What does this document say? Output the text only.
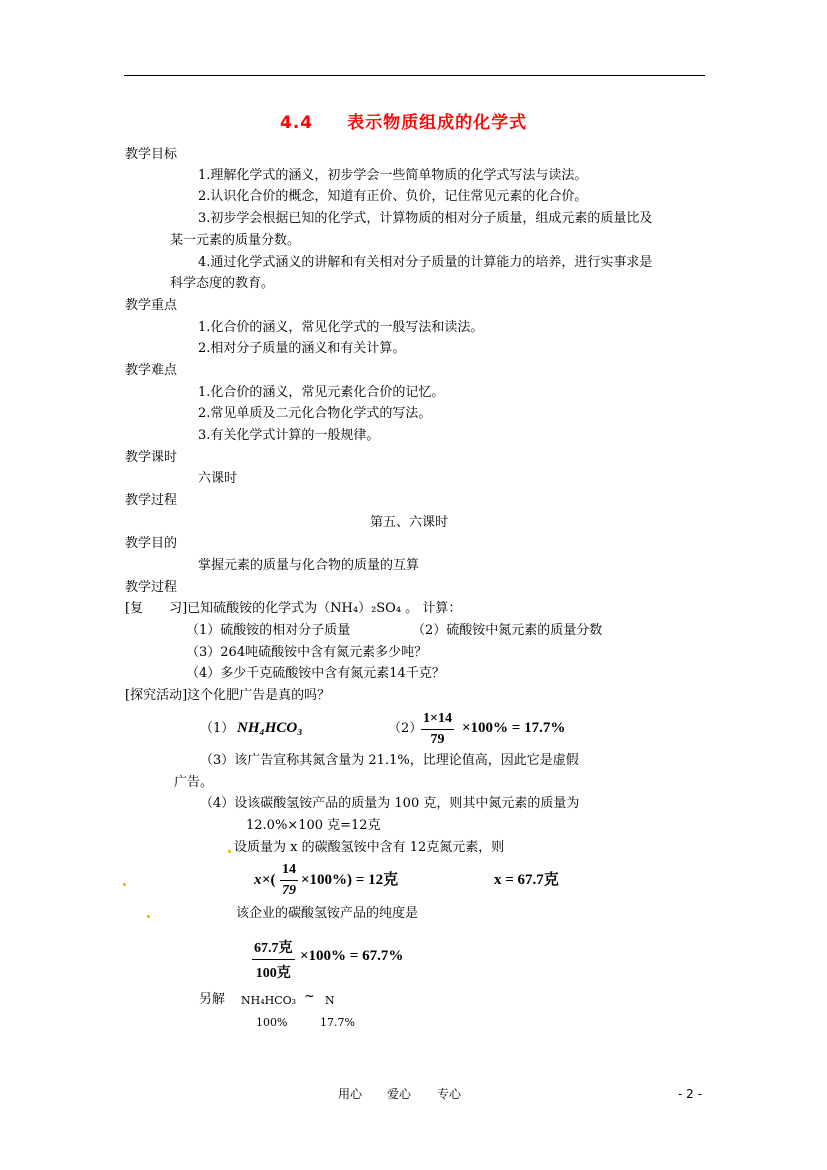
4.4 表示物质组成的化学式
教学目标
1.理解化学式的涵义，初步学会一些简单物质的化学式写法与读法。
2.认识化合价的概念，知道有正价、负价，记住常见元素的化合价。
3.初步学会根据已知的化学式，计算物质的相对分子质量，组成元素的质量比及
某一元素的质量分数。
4.通过化学式涵义的讲解和有关相对分子质量的计算能力的培养，进行实事求是
科学态度的教育。
教学重点
1.化合价的涵义，常见化学式的一般写法和读法。
2.相对分子质量的涵义和有关计算。
教学难点
1.化合价的涵义，常见元素化合价的记忆。
2.常见单质及二元化合物化学式的写法。
3.有关化学式计算的一般规律。
教学课时
六课时
教学过程
第五、六课时
教学目的
掌握元素的质量与化合物的质量的互算
教学过程
[复　　习]已知硫酸铵的化学式为（NH₄）₂SO₄ 。 计算：
（1）硫酸铵的相对分子质量	（2）硫酸铵中氮元素的质量分数
（3）264吨硫酸铵中含有氮元素多少吨？
（4）多少千克硫酸铵中含有氮元素14千克？
[探究活动]这个化肥广告是真的吗？
（1） NH₄HCO₃	（2）
$\frac{1\times 14}{79} \times 100\% = 17.7\%$
（3）该广告宣称其氮含量为 21.1%，比理论值高，因此它是虚假
广告。
（4）设该碳酸氢铵产品的质量为 100 克，则其中氮元素的质量为
12.0%×100 克=12克
设质量为 x 的碳酸氢铵中含有 12克氮元素，则
x ×( $\frac{14}{79} \times 100\%) = 12$克	x = 67.7克
该企业的碳酸氢铵产品的纯度是
67.7克
100克
×100% = 67.7%
另解 NH₄HCO₃ ~ N
100%	17.7%
用心 爱心 专心	- 2 -
